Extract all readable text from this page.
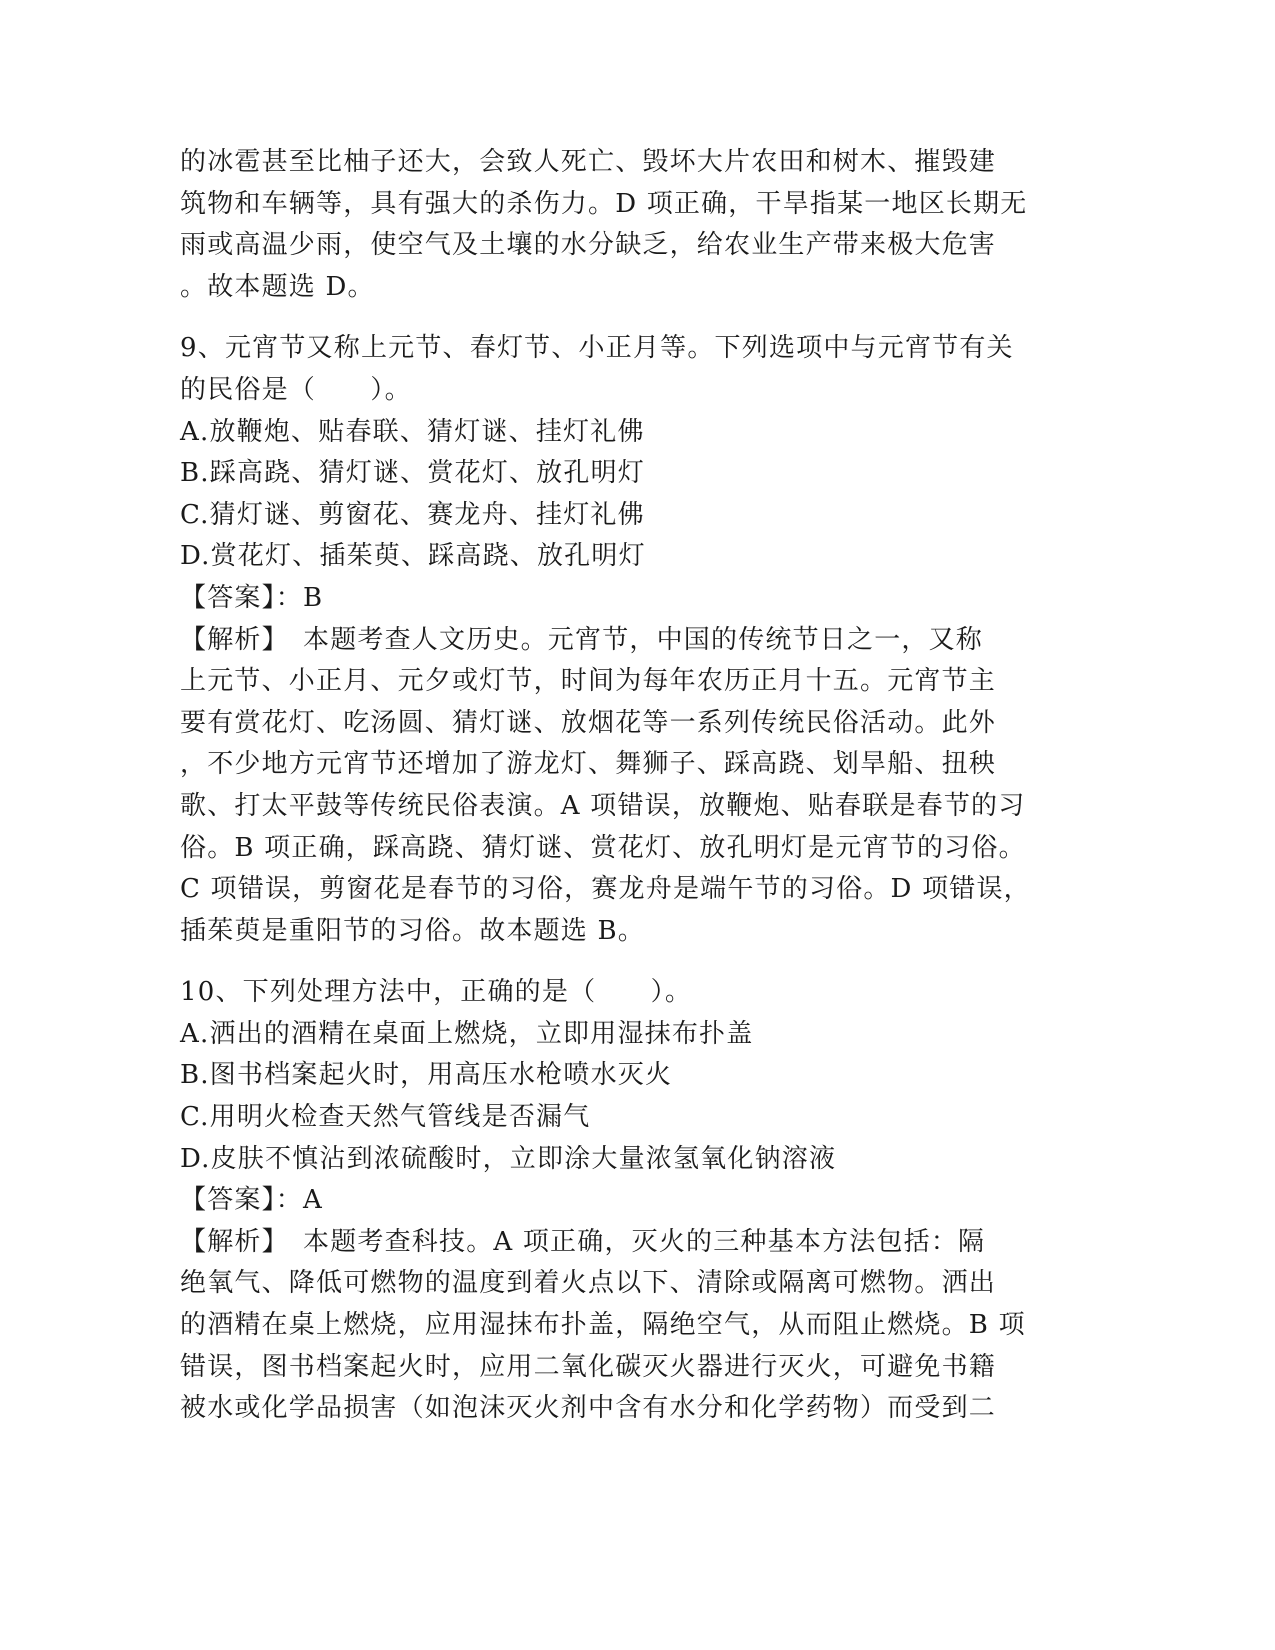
的冰雹甚至比柚子还大，会致人死亡、毁坏大片农田和树木、摧毁建
筑物和车辆等，具有强大的杀伤力。D 项正确，干旱指某一地区长期无
雨或高温少雨，使空气及土壤的水分缺乏，给农业生产带来极大危害
。故本题选 D。
9、元宵节又称上元节、春灯节、小正月等。下列选项中与元宵节有关
的民俗是（　　）。
A.放鞭炮、贴春联、猜灯谜、挂灯礼佛
B.踩高跷、猜灯谜、赏花灯、放孔明灯
C.猜灯谜、剪窗花、赛龙舟、挂灯礼佛
D.赏花灯、插茱萸、踩高跷、放孔明灯
【答案】：B
【解析】　本题考查人文历史。元宵节，中国的传统节日之一，又称
上元节、小正月、元夕或灯节，时间为每年农历正月十五。元宵节主
要有赏花灯、吃汤圆、猜灯谜、放烟花等一系列传统民俗活动。此外
，不少地方元宵节还增加了游龙灯、舞狮子、踩高跷、划旱船、扭秧
歌、打太平鼓等传统民俗表演。A 项错误，放鞭炮、贴春联是春节的习
俗。B 项正确，踩高跷、猜灯谜、赏花灯、放孔明灯是元宵节的习俗。
C 项错误，剪窗花是春节的习俗，赛龙舟是端午节的习俗。D 项错误，
插茱萸是重阳节的习俗。故本题选 B。
10、下列处理方法中，正确的是（　　）。
A.洒出的酒精在桌面上燃烧，立即用湿抹布扑盖
B.图书档案起火时，用高压水枪喷水灭火
C.用明火检查天然气管线是否漏气
D.皮肤不慎沾到浓硫酸时，立即涂大量浓氢氧化钠溶液
【答案】：A
【解析】　本题考查科技。A 项正确，灭火的三种基本方法包括：隔
绝氧气、降低可燃物的温度到着火点以下、清除或隔离可燃物。洒出
的酒精在桌上燃烧，应用湿抹布扑盖，隔绝空气，从而阻止燃烧。B 项
错误，图书档案起火时，应用二氧化碳灭火器进行灭火，可避免书籍
被水或化学品损害（如泡沫灭火剂中含有水分和化学药物）而受到二
